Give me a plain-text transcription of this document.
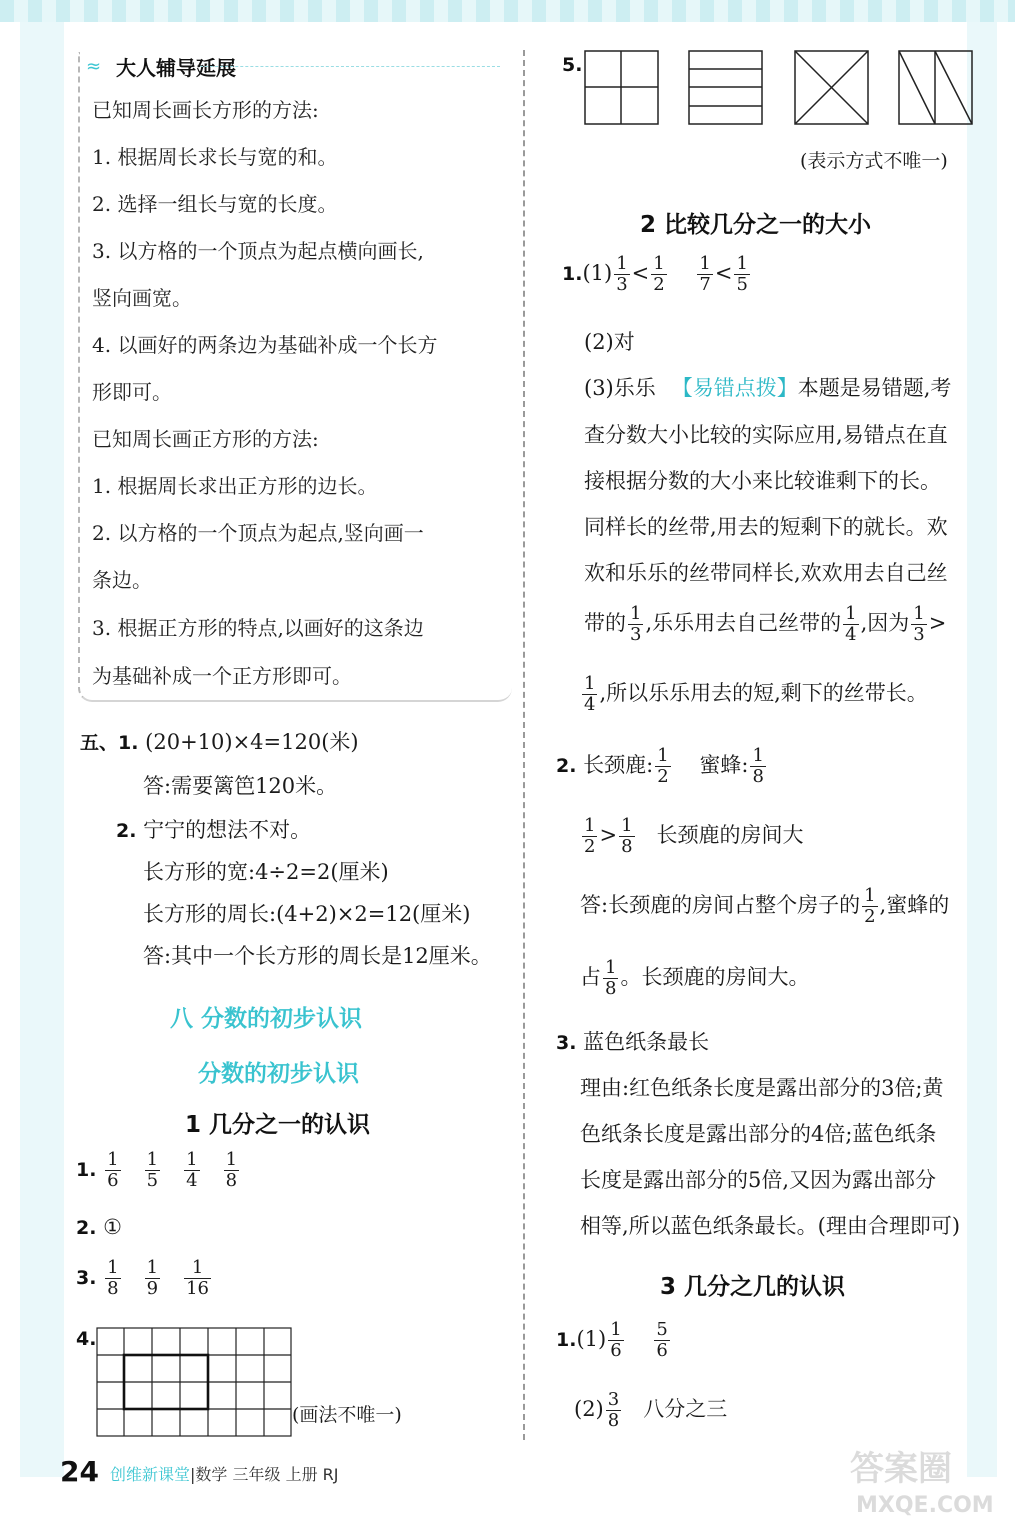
≈ 大人辅导延展
已知周长画长方形的方法:
1. 根据周长求长与宽的和。
2. 选择一组长与宽的长度。
3. 以方格的一个顶点为起点横向画长,
竖向画宽。
4. 以画好的两条边为基础补成一个长方
形即可。
已知周长画正方形的方法:
1. 根据周长求出正方形的边长。
2. 以方格的一个顶点为起点,竖向画一
条边。
3. 根据正方形的特点,以画好的这条边
为基础补成一个正方形即可。
五、1. (20+10)×4=120(米)
答:需要篱笆120米。
2. 宁宁的想法不对。
长方形的宽:4÷2=2(厘米)
长方形的周长:(4+2)×2=12(厘米)
答:其中一个长方形的周长是12厘米。
八 分数的初步认识
分数的初步认识
1 几分之一的认识
1. $\frac{1}{6}$
$\frac{1}{5}$
$\frac{1}{4}$
$\frac{1}{8}$
2. ①
3. $\frac{1}{8}$
$\frac{1}{9}$
$\frac{1}{16}$
4.
(画法不唯一)
5.
(表示方式不唯一)
2 比较几分之一的大小
$1.(1) \frac{1}{3} < \frac{1}{2}$
$\frac{1}{7} < \frac{1}{5}$
(2)对
(3)乐乐 【易错点拨】本题是易错题,考
查分数大小比较的实际应用,易错点在直
接根据分数的大小来比较谁剩下的长。
同样长的丝带,用去的短剩下的就长。欢
欢和乐乐的丝带同样长,欢欢用去自己丝
带的 $\frac{1}{3}$ ,乐乐用去自己丝带的 $\frac{1}{4}$ ,因为 $\frac{1}{3}$ >
$\frac{1}{4}$ ,所以乐乐用去的短,剩下的丝带长。
2. 长颈鹿: $\frac{1}{2}$ 蜜蜂: $\frac{1}{8}$
$\frac{1}{2} > \frac{1}{8}$ 长颈鹿的房间大
答:长颈鹿的房间占整个房子的 $\frac{1}{2}$ ,蜜蜂的
占 $\frac{1}{8}$ 。长颈鹿的房间大。
3. 蓝色纸条最长
理由:红色纸条长度是露出部分的3倍;黄
色纸条长度是露出部分的4倍;蓝色纸条
长度是露出部分的5倍,又因为露出部分
相等,所以蓝色纸条最长。(理由合理即可)
3 几分之几的认识
$1.(1) \frac{1}{6}$
$\frac{5}{6}$
$(2) \frac{3}{8}$ 八分之三
24 创维新课堂|数学 三年级 上册 RJ	答案圈
MXQE.COM
